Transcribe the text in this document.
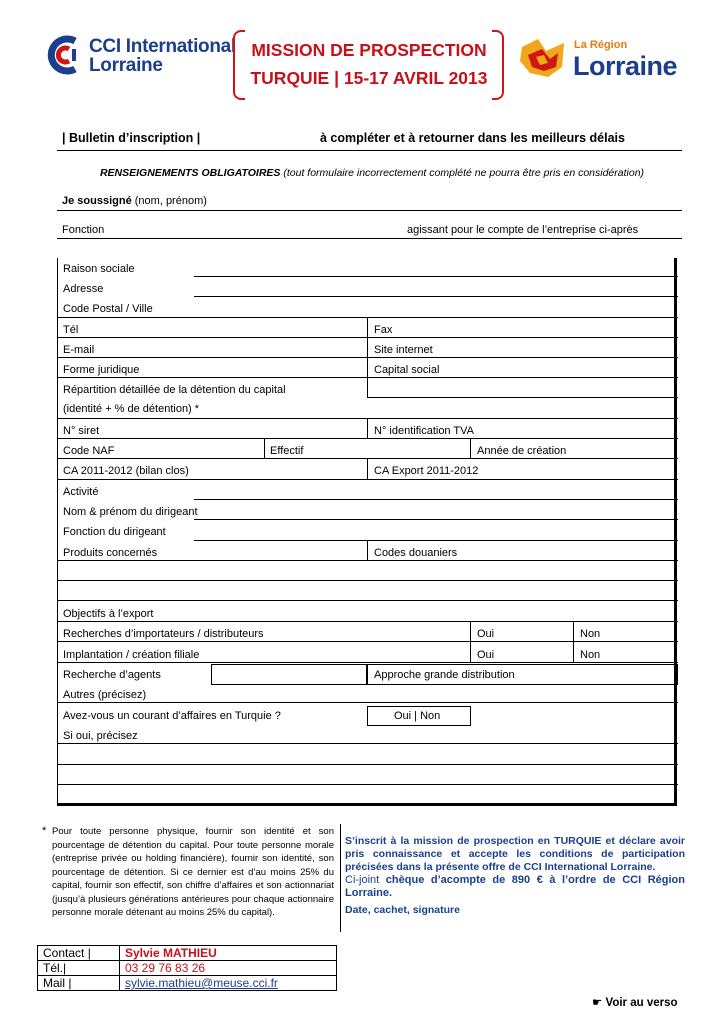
CCI International
Lorraine
MISSION DE PROSPECTION
TURQUIE | 15-17 AVRIL 2013
La Région
Lorraine
| Bulletin d’inscription |	à compléter et à retourner dans les meilleurs délais
RENSEIGNEMENTS OBLIGATOIRES (tout formulaire incorrectement complété ne pourra être pris en considération)
Je soussigné (nom, prénom)
Fonction	agissant pour le compte de l’entreprise ci-après
Raison sociale
Adresse
Code Postal / Ville
Tél	Fax
E-mail	Site internet
Forme juridique	Capital social
Répartition détaillée de la détention du capital
(identité + % de détention) *
N° siret	N° identification TVA
Code NAF	Effectif	Année de création
CA 2011-2012 (bilan clos)	CA Export 2011-2012
Activité
Nom & prénom du dirigeant
Fonction du dirigeant
Produits concernés	Codes douaniers
Objectifs à l’export
Recherches d’importateurs / distributeurs	Oui	Non
Implantation / création filiale	Oui	Non
Recherche d’agents	Approche grande distribution
Autres (précisez)
Avez-vous un courant d’affaires en Turquie ?	Oui | Non
Si oui, précisez
* Pour toute personne physique, fournir son identité et son pourcentage de détention du capital. Pour toute personne morale (entreprise privée ou holding financière), fournir son identité, son pourcentage de détention. Si ce dernier est d’au moins 25% du capital, fournir son effectif, son chiffre d’affaires et son actionnariat (jusqu’à plusieurs générations antérieures pour chaque actionnaire personne morale détenant au moins 25% du capital).
S’inscrit à la mission de prospection en TURQUIE et déclare avoir pris connaissance et accepte les conditions de participation précisées dans la présente offre de CCI International Lorraine.
Ci-joint chèque d’acompte de 890 € à l’ordre de CCI Région Lorraine.
Date, cachet, signature
Contact |	Sylvie MATHIEU
Tél.|	03 29 76 83 26
Mail |	sylvie.mathieu@meuse.cci.fr
☛ Voir au verso
